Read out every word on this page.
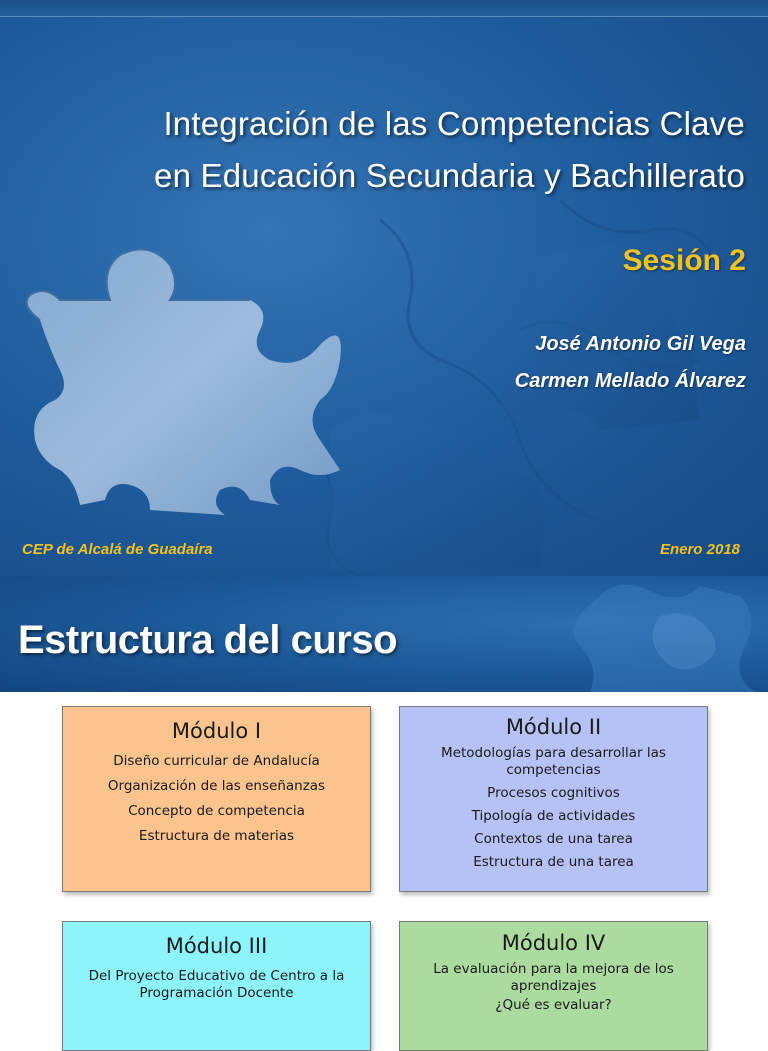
Integración de las Competencias Clave
en Educación Secundaria y Bachillerato
Sesión 2
José Antonio Gil Vega
Carmen Mellado Álvarez
CEP de Alcalá de Guadaíra	Enero 2018
Estructura del curso
Módulo I
Diseño curricular de Andalucía
Organización de las enseñanzas
Concepto de competencia
Estructura de materias
Módulo II
Metodologías para desarrollar las competencias
Procesos cognitivos
Tipología de actividades
Contextos de una tarea
Estructura de una tarea
Módulo III
Del Proyecto Educativo de Centro a la Programación Docente
Módulo IV
La evaluación para la mejora de los aprendizajes
¿Qué es evaluar?
